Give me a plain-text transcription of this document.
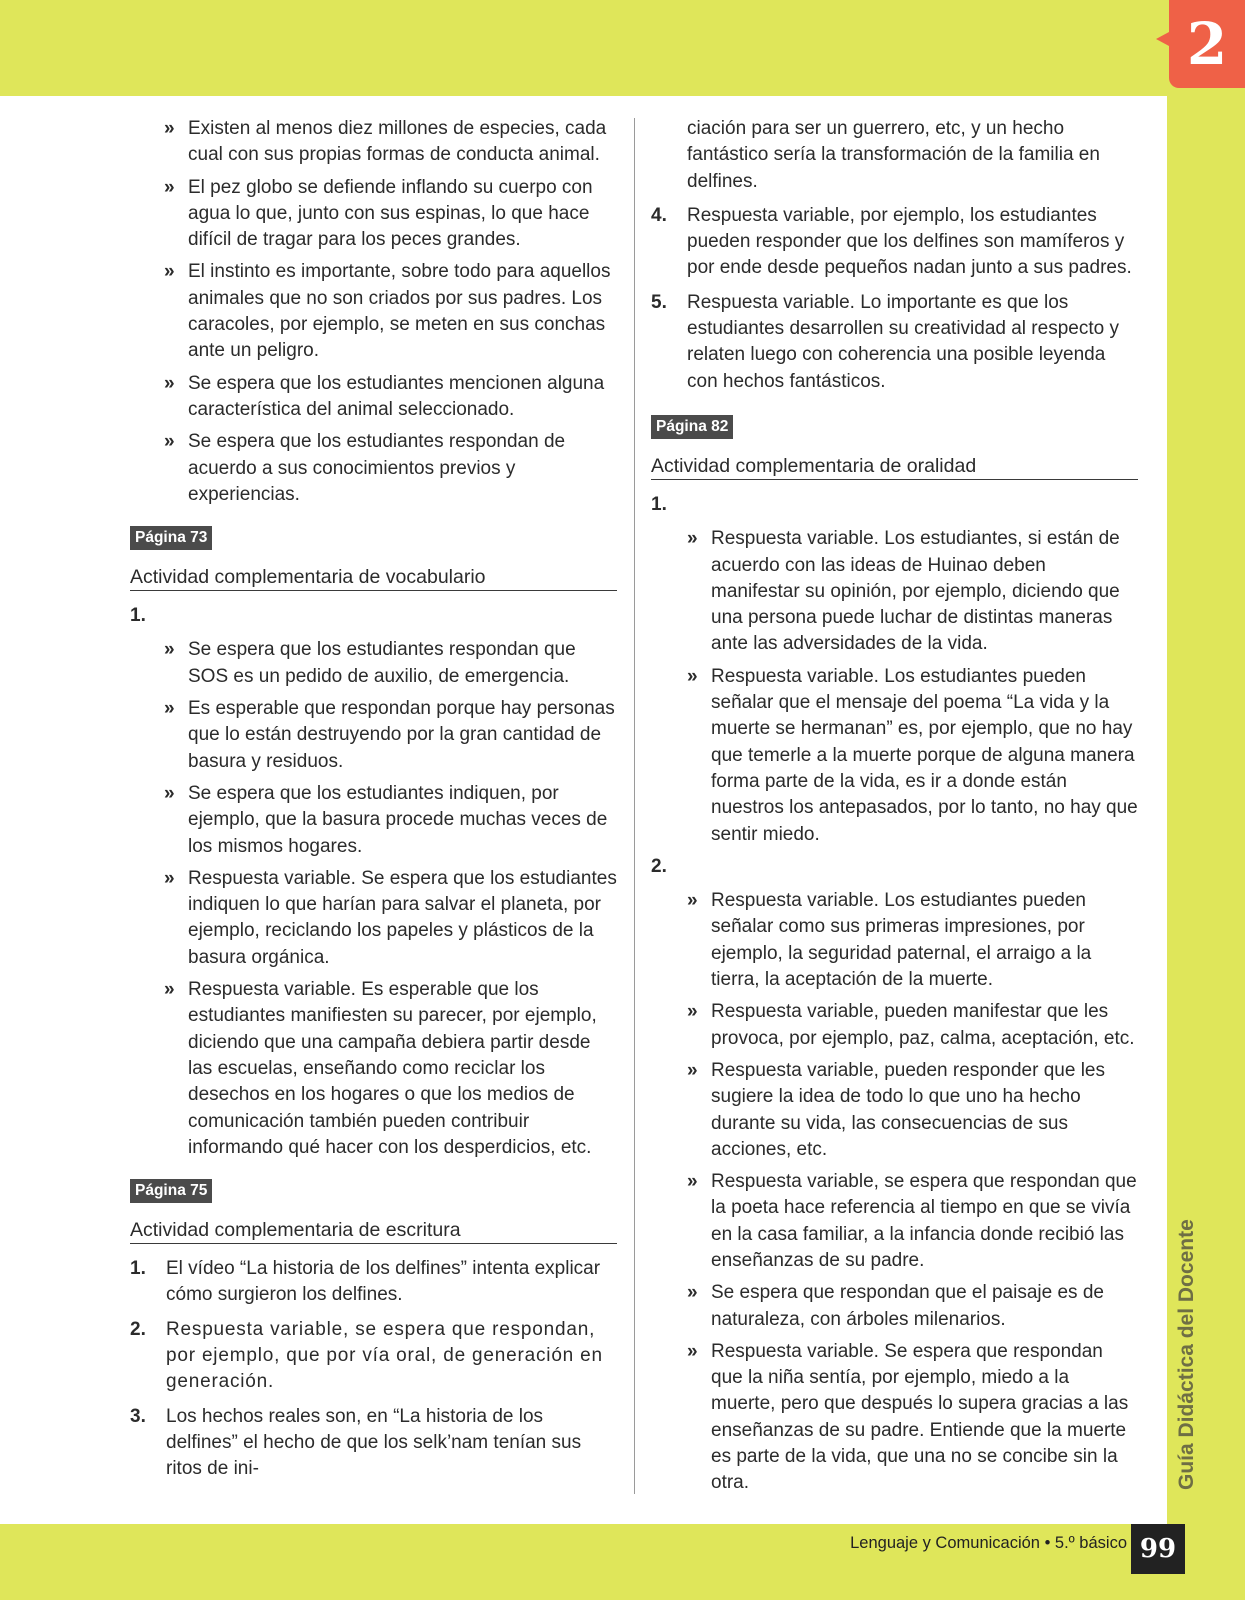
2
Guía Didáctica del Docente
Lenguaje y Comunicación • 5.º básico 99
» Existen al menos diez millones de especies, cada cual con sus propias formas de conducta animal.
» El pez globo se defiende inflando su cuerpo con agua lo que, junto con sus espinas, lo que hace difícil de tragar para los peces grandes.
» El instinto es importante, sobre todo para aquellos animales que no son criados por sus padres. Los caracoles, por ejemplo, se meten en sus conchas ante un peligro.
» Se espera que los estudiantes mencionen alguna característica del animal seleccionado.
» Se espera que los estudiantes respondan de acuerdo a sus conocimientos previos y experiencias.
Página 73
Actividad complementaria de vocabulario
1.
» Se espera que los estudiantes respondan que SOS es un pedido de auxilio, de emergencia.
» Es esperable que respondan porque hay personas que lo están destruyendo por la gran cantidad de basura y residuos.
» Se espera que los estudiantes indiquen, por ejemplo, que la basura procede muchas veces de los mismos hogares.
» Respuesta variable. Se espera que los estudiantes indiquen lo que harían para salvar el planeta, por ejemplo, reciclando los papeles y plásticos de la basura orgánica.
» Respuesta variable. Es esperable que los estudiantes manifiesten su parecer, por ejemplo, diciendo que una campaña debiera partir desde las escuelas, enseñando como reciclar los desechos en los hogares o que los medios de comunicación también pueden contribuir informando qué hacer con los desperdicios, etc.
Página 75
Actividad complementaria de escritura
1.	El vídeo “La historia de los delfines” intenta explicar cómo surgieron los delfines.
2.	Respuesta variable, se espera que respondan, por ejemplo, que por vía oral, de generación en generación.
3.	Los hechos reales son, en “La historia de los delfines” el hecho de que los selk’nam tenían sus ritos de ini-
ciación para ser un guerrero, etc, y un hecho fantástico sería la transformación de la familia en delfines.
4.	Respuesta variable, por ejemplo, los estudiantes pueden responder que los delfines son mamíferos y por ende desde pequeños nadan junto a sus padres.
5.	Respuesta variable. Lo importante es que los estudiantes desarrollen su creatividad al respecto y relaten luego con coherencia una posible leyenda con hechos fantásticos.
Página 82
Actividad complementaria de oralidad
1.
» Respuesta variable. Los estudiantes, si están de acuerdo con las ideas de Huinao deben manifestar su opinión, por ejemplo, diciendo que una persona puede luchar de distintas maneras ante las adversidades de la vida.
» Respuesta variable. Los estudiantes pueden señalar que el mensaje del poema “La vida y la muerte se hermanan” es, por ejemplo, que no hay que temerle a la muerte porque de alguna manera forma parte de la vida, es ir a donde están nuestros los antepasados, por lo tanto, no hay que sentir miedo.
2.
» Respuesta variable. Los estudiantes pueden señalar como sus primeras impresiones, por ejemplo, la seguridad paternal, el arraigo a la tierra, la aceptación de la muerte.
» Respuesta variable, pueden manifestar que les provoca, por ejemplo, paz, calma, aceptación, etc.
» Respuesta variable, pueden responder que les sugiere la idea de todo lo que uno ha hecho durante su vida, las consecuencias de sus acciones, etc.
» Respuesta variable, se espera que respondan que la poeta hace referencia al tiempo en que se vivía en la casa familiar, a la infancia donde recibió las enseñanzas de su padre.
» Se espera que respondan que el paisaje es de naturaleza, con árboles milenarios.
» Respuesta variable. Se espera que respondan que la niña sentía, por ejemplo, miedo a la muerte, pero que después lo supera gracias a las enseñanzas de su padre. Entiende que la muerte es parte de la vida, que una no se concibe sin la otra.
